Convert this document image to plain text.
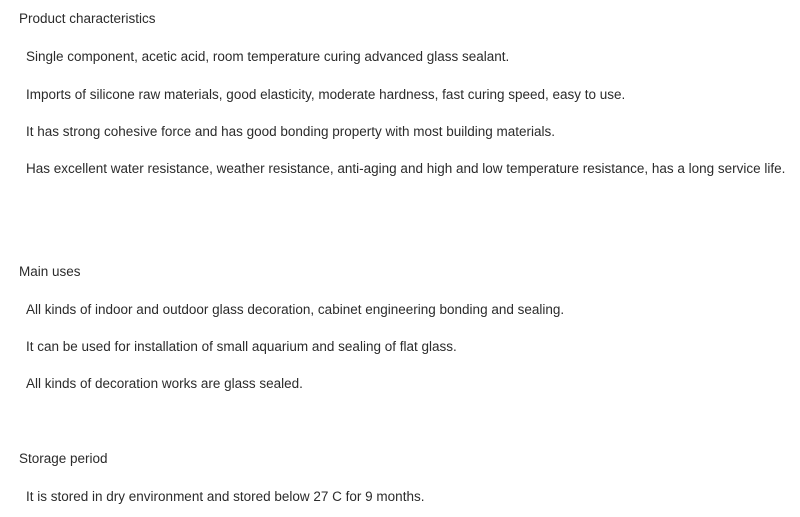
Product characteristics

Single component, acetic acid, room temperature curing advanced glass sealant.

Imports of silicone raw materials, good elasticity, moderate hardness, fast curing speed, easy to use.

It has strong cohesive force and has good bonding property with most building materials.

Has excellent water resistance, weather resistance, anti-aging and high and low temperature resistance, has a long service life.

Main uses

All kinds of indoor and outdoor glass decoration, cabinet engineering bonding and sealing.

It can be used for installation of small aquarium and sealing of flat glass.

All kinds of decoration works are glass sealed.

Storage period

It is stored in dry environment and stored below 27 C for 9 months.
